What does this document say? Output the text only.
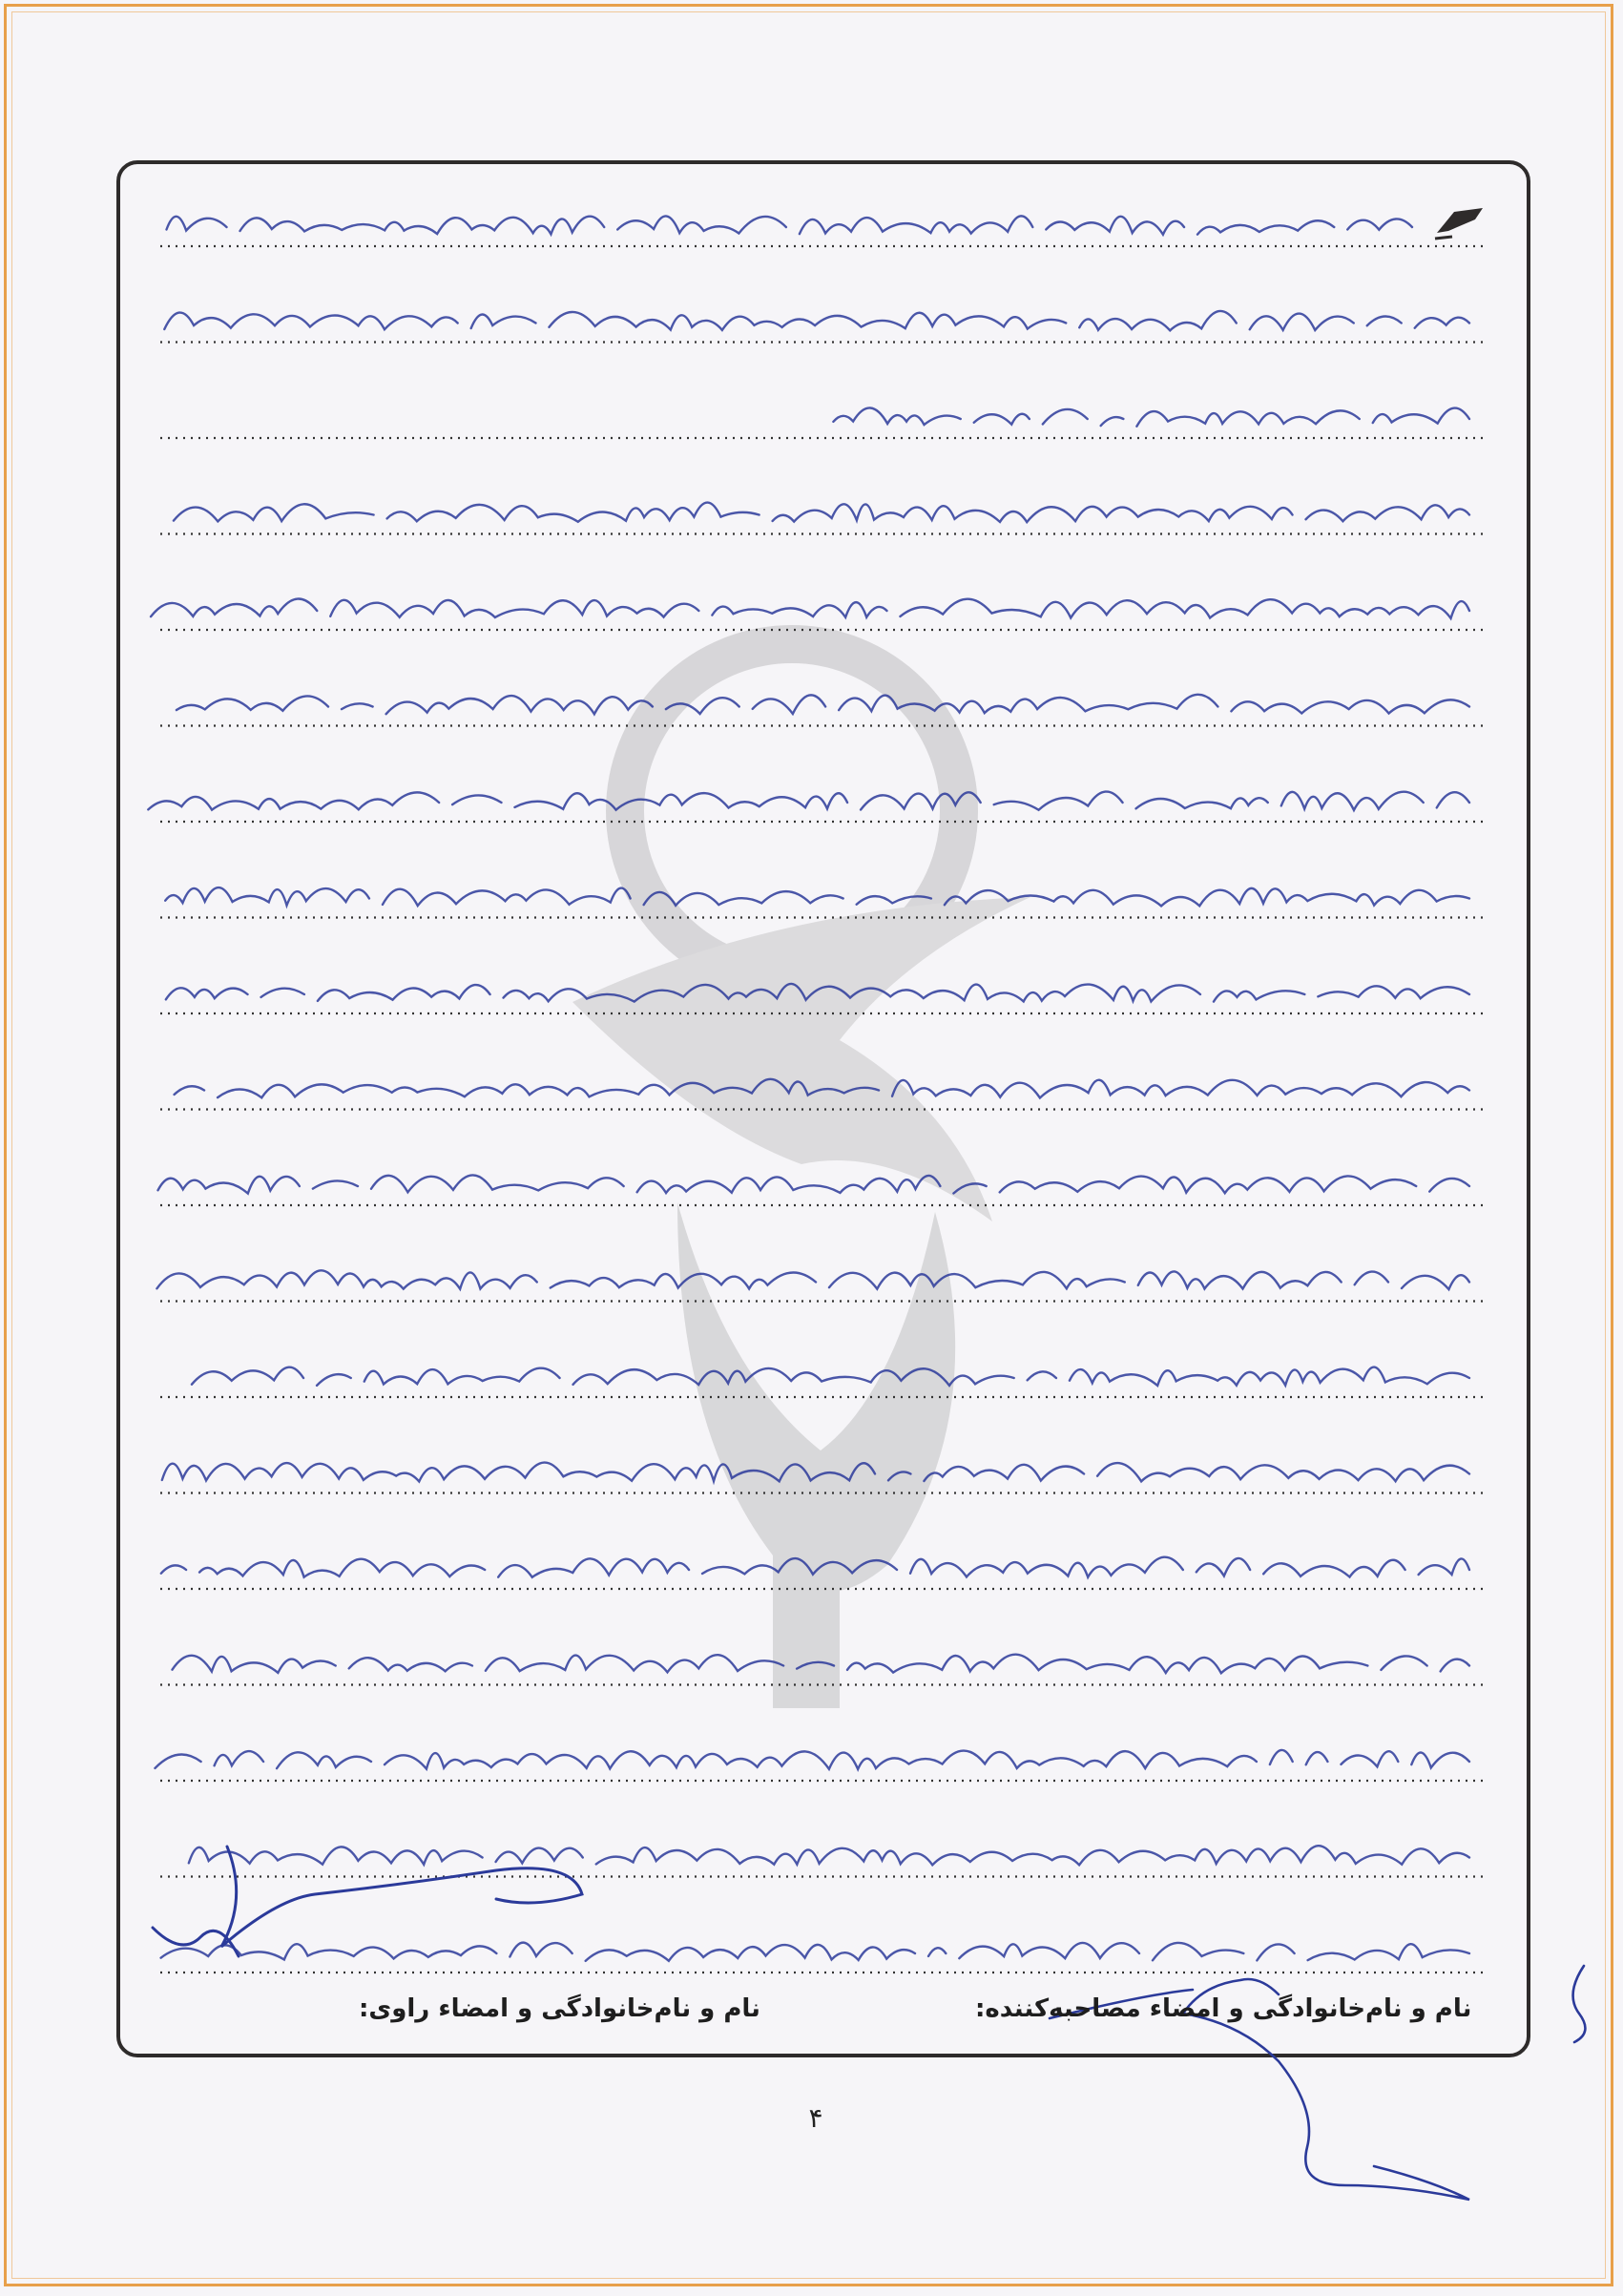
نام و نام‌خانوادگی و امضاء مصاحبه‌کننده:
نام و نام‌خانوادگی و امضاء راوی:
۴
